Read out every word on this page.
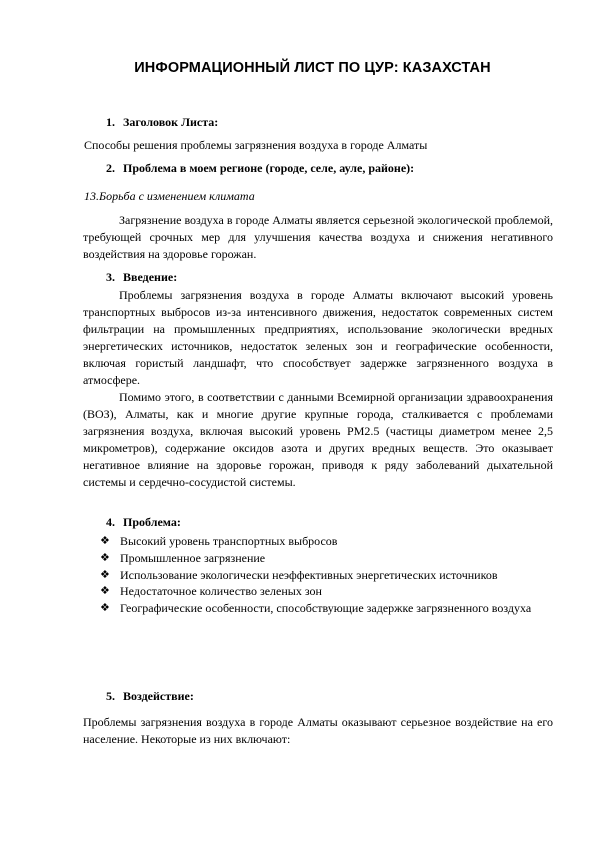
ИНФОРМАЦИОННЫЙ ЛИСТ ПО ЦУР: КАЗАХСТАН
1. Заголовок Листа:
Способы решения проблемы загрязнения воздуха в городе Алматы
2. Проблема в моем регионе (городе, селе, ауле, районе):
13.Борьба с изменением климата
Загрязнение воздуха в городе Алматы является серьезной экологической проблемой, требующей срочных мер для улучшения качества воздуха и снижения негативного воздействия на здоровье горожан.
3. Введение:
Проблемы загрязнения воздуха в городе Алматы включают высокий уровень транспортных выбросов из-за интенсивного движения, недостаток современных систем фильтрации на промышленных предприятиях, использование экологически вредных энергетических источников, недостаток зеленых зон и географические особенности, включая гористый ландшафт, что способствует задержке загрязненного воздуха в атмосфере.
Помимо этого, в соответствии с данными Всемирной организации здравоохранения (ВОЗ), Алматы, как и многие другие крупные города, сталкивается с проблемами загрязнения воздуха, включая высокий уровень PM2.5 (частицы диаметром менее 2,5 микрометров), содержание оксидов азота и других вредных веществ. Это оказывает негативное влияние на здоровье горожан, приводя к ряду заболеваний дыхательной системы и сердечно-сосудистой системы.
4. Проблема:
❖ Высокий уровень транспортных выбросов
❖ Промышленное загрязнение
❖ Использование экологически неэффективных энергетических источников
❖ Недостаточное количество зеленых зон
❖ Географические особенности, способствующие задержке загрязненного воздуха
5. Воздействие:
Проблемы загрязнения воздуха в городе Алматы оказывают серьезное воздействие на его население. Некоторые из них включают:
